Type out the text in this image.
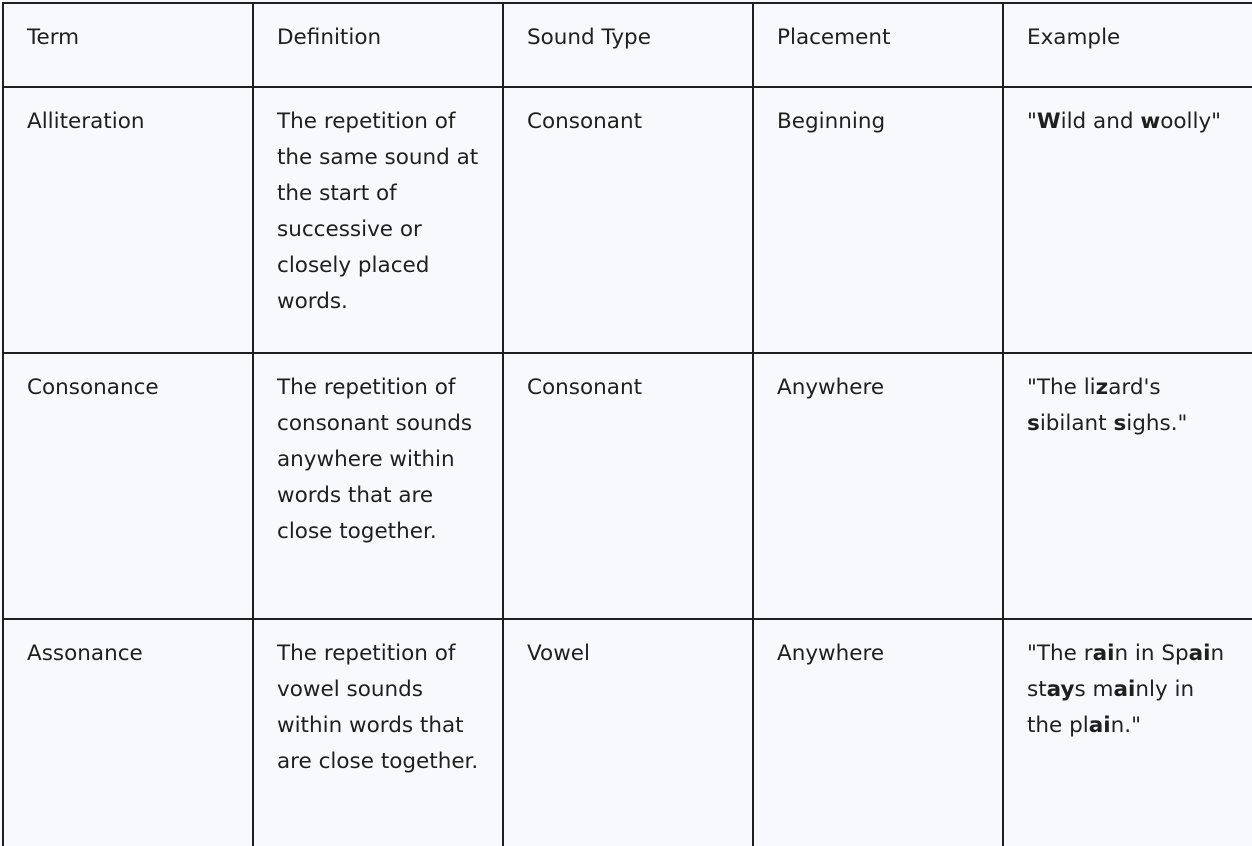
Term	Definition	Sound Type	Placement	Example
Alliteration	The repetition of the same sound at the start of successive or closely placed words.	Consonant	Beginning	"Wild and woolly"
Consonance	The repetition of consonant sounds anywhere within words that are close together.	Consonant	Anywhere	"The lizard's sibilant sighs."
Assonance	The repetition of vowel sounds within words that are close together.	Vowel	Anywhere	"The rain in Spain stays mainly in the plain."
